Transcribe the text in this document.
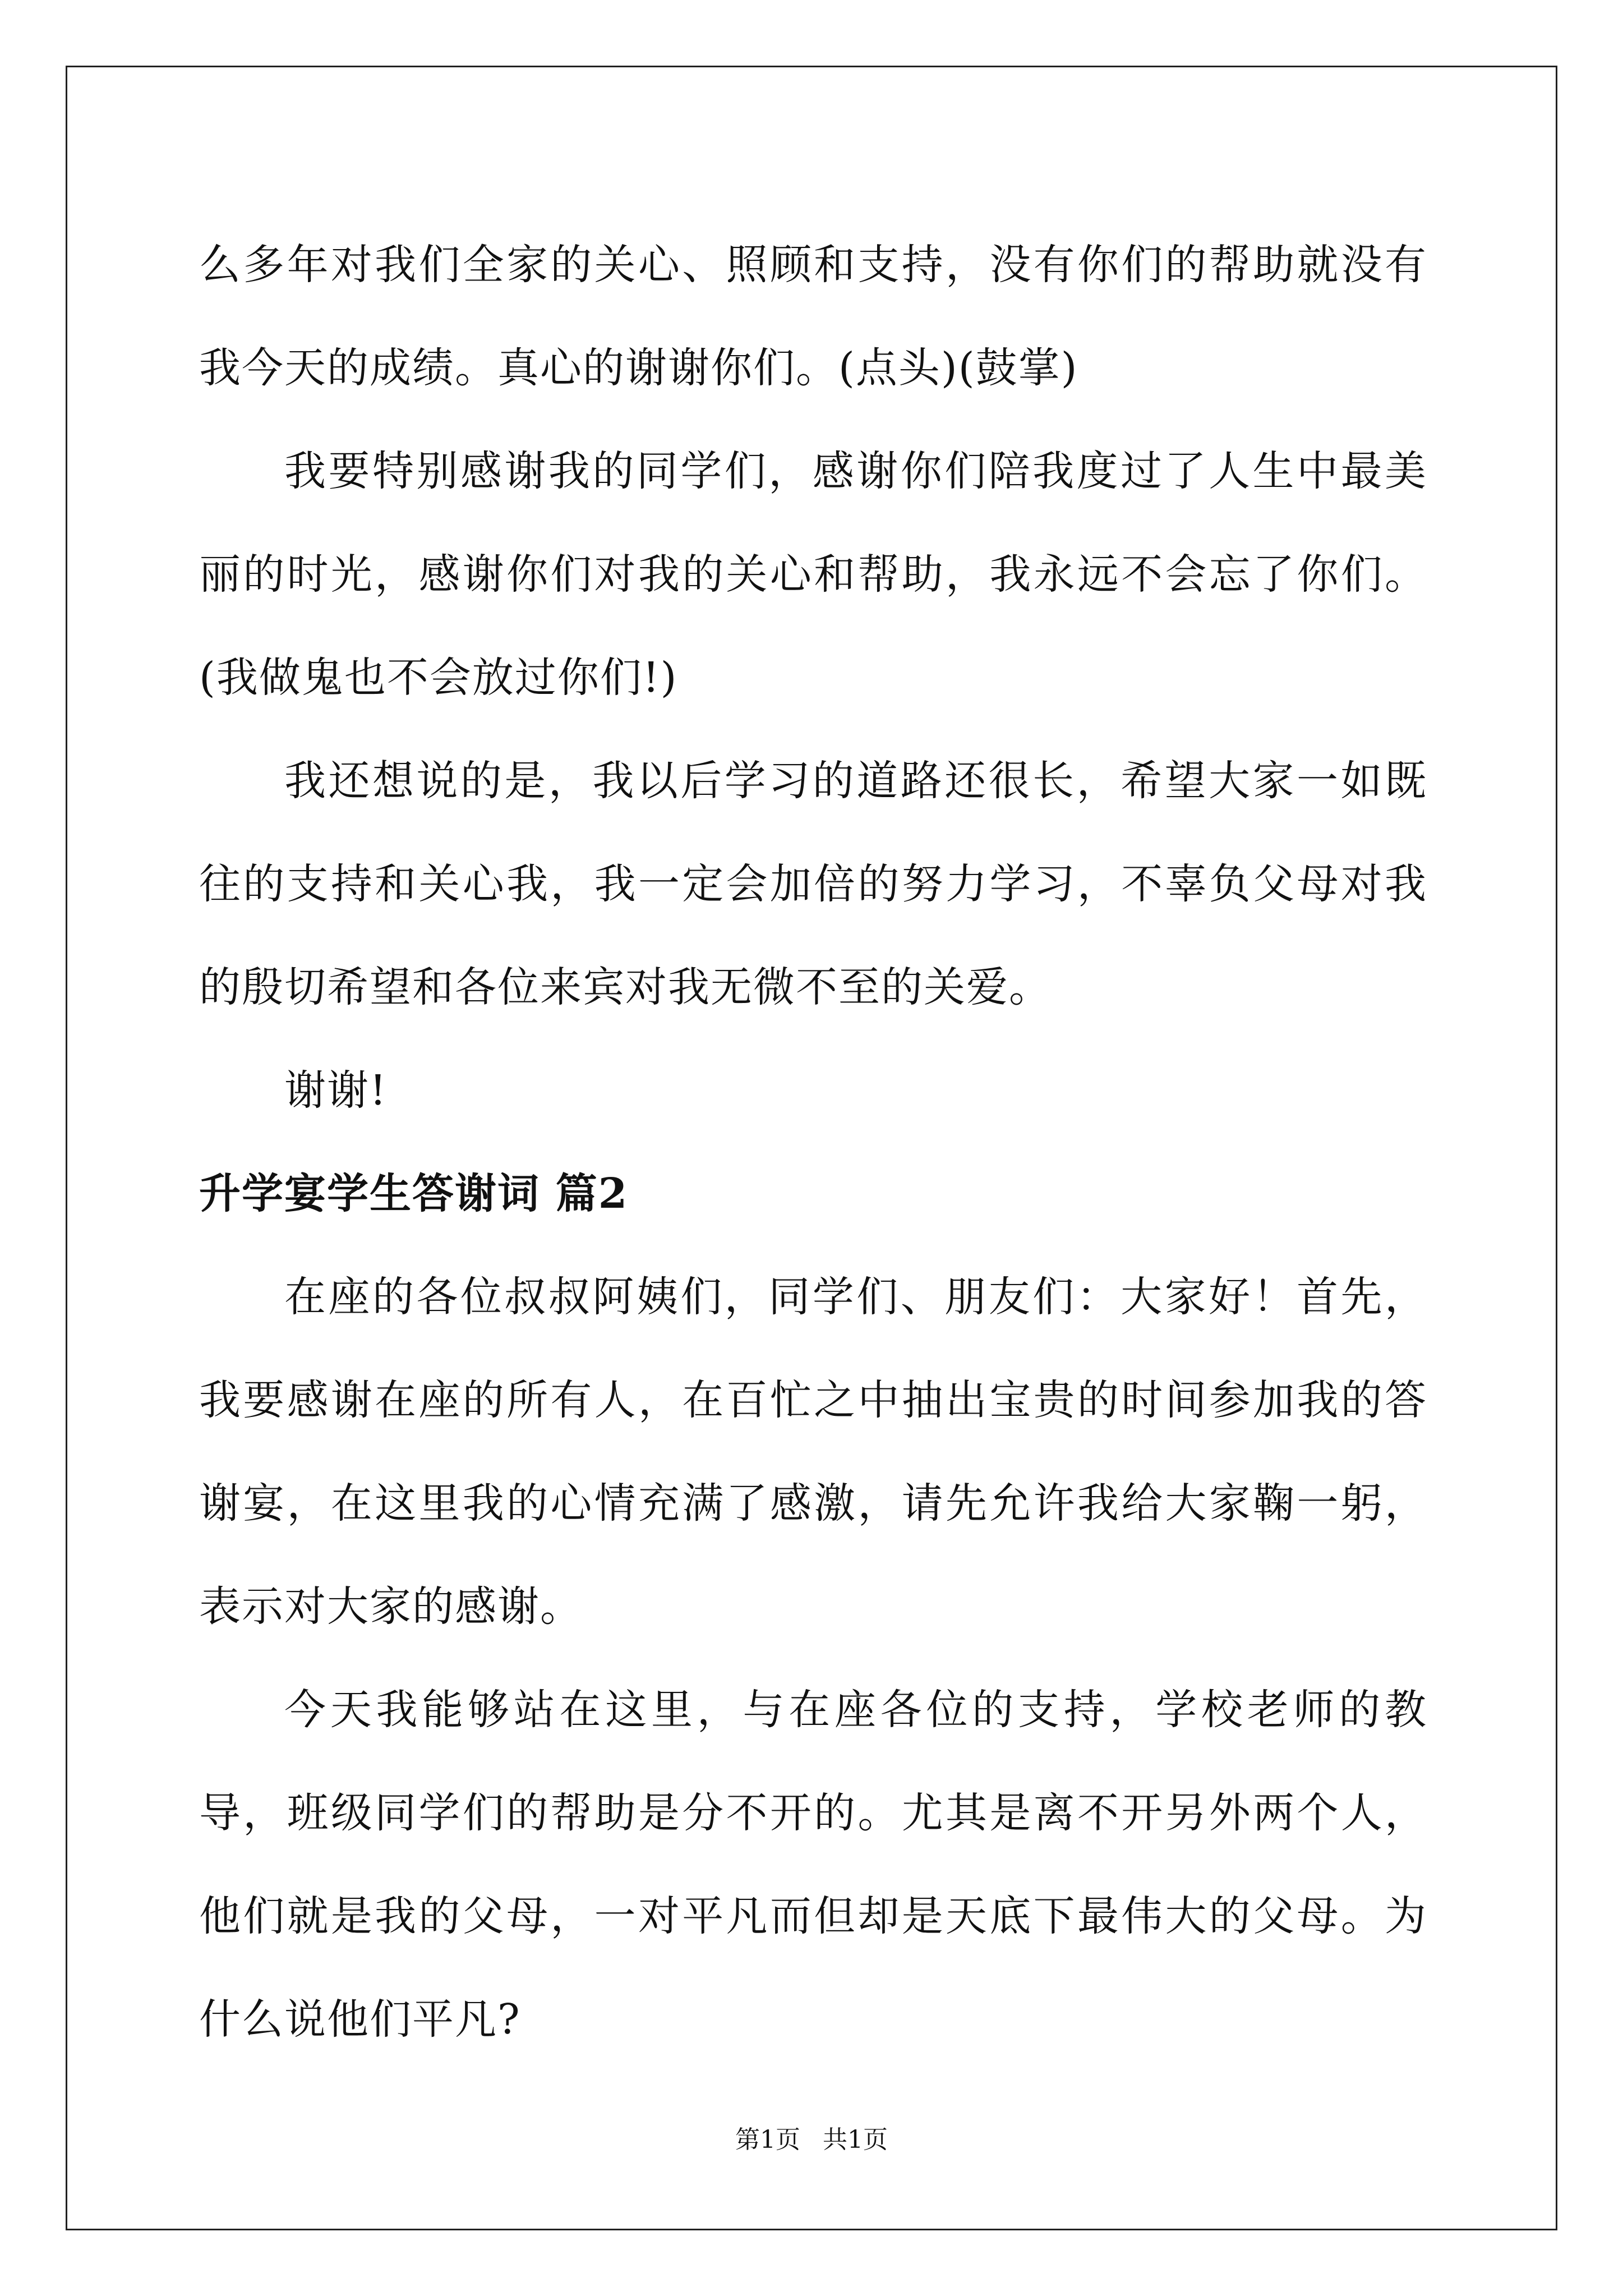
么多年对我们全家的关心、照顾和支持，没有你们的帮助就没有我今天的成绩。真心的谢谢你们。(点头)(鼓掌)

我要特别感谢我的同学们，感谢你们陪我度过了人生中最美丽的时光，感谢你们对我的关心和帮助，我永远不会忘了你们。(我做鬼也不会放过你们!)

我还想说的是，我以后学习的道路还很长，希望大家一如既往的支持和关心我，我一定会加倍的努力学习，不辜负父母对我的殷切希望和各位来宾对我无微不至的关爱。

谢谢!

升学宴学生答谢词 篇2

在座的各位叔叔阿姨们，同学们、朋友们：大家好！首先，我要感谢在座的所有人，在百忙之中抽出宝贵的时间参加我的答谢宴，在这里我的心情充满了感激，请先允许我给大家鞠一躬，表示对大家的感谢。

今天我能够站在这里，与在座各位的支持，学校老师的教导，班级同学们的帮助是分不开的。尤其是离不开另外两个人，他们就是我的父母，一对平凡而但却是天底下最伟大的父母。为什么说他们平凡?

第1页 共1页
